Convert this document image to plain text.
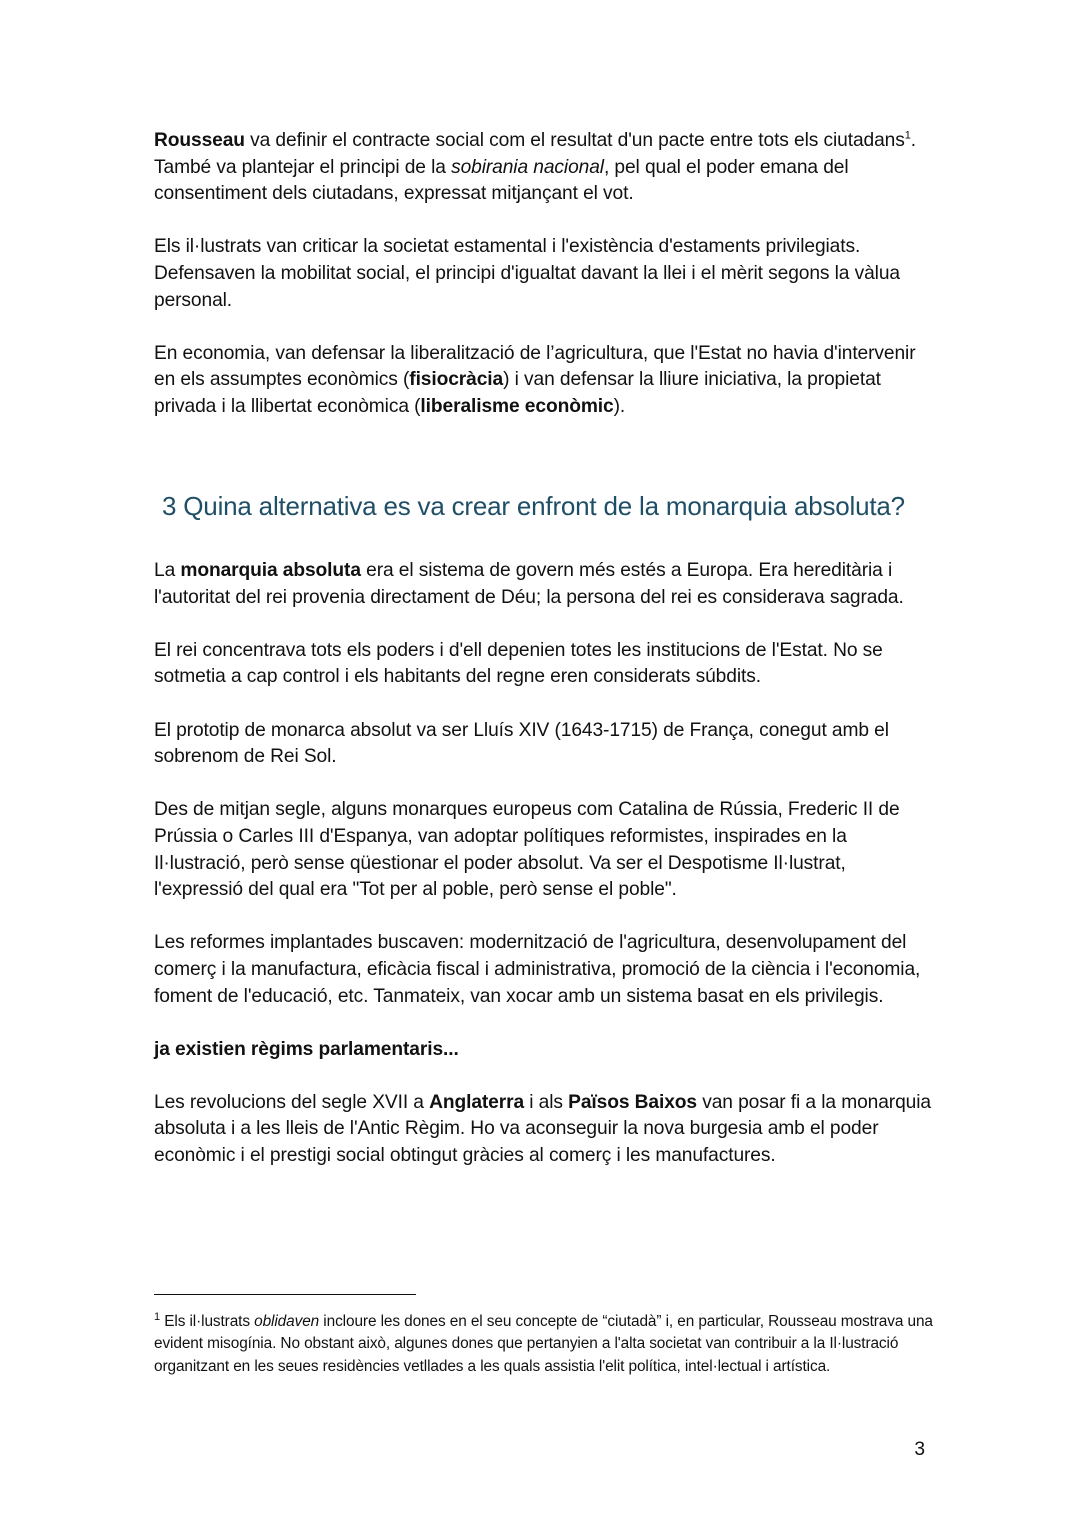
Rousseau va definir el contracte social com el resultat d'un pacte entre tots els ciutadans$^1$. També va plantejar el principi de la sobirania nacional, pel qual el poder emana del consentiment dels ciutadans, expressat mitjançant el vot.

Els il·lustrats van criticar la societat estamental i l'existència d'estaments privilegiats. Defensaven la mobilitat social, el principi d'igualtat davant la llei i el mèrit segons la vàlua personal.

En economia, van defensar la liberalització de l’agricultura, que l'Estat no havia d'intervenir en els assumptes econòmics (fisiocràcia) i van defensar la lliure iniciativa, la propietat privada i la llibertat econòmica (liberalisme econòmic).

3 Quina alternativa es va crear enfront de la monarquia absoluta?

La monarquia absoluta era el sistema de govern més estés a Europa. Era hereditària i l'autoritat del rei provenia directament de Déu; la persona del rei es considerava sagrada.

El rei concentrava tots els poders i d'ell depenien totes les institucions de l'Estat. No se sotmetia a cap control i els habitants del regne eren considerats súbdits.

El prototip de monarca absolut va ser Lluís XIV (1643-1715) de França, conegut amb el sobrenom de Rei Sol.

Des de mitjan segle, alguns monarques europeus com Catalina de Rússia, Frederic II de Prússia o Carles III d'Espanya, van adoptar polítiques reformistes, inspirades en la Il·lustració, però sense qüestionar el poder absolut. Va ser el Despotisme Il·lustrat, l'expressió del qual era "Tot per al poble, però sense el poble".

Les reformes implantades buscaven: modernització de l'agricultura, desenvolupament del comerç i la manufactura, eficàcia fiscal i administrativa, promoció de la ciència i l'economia, foment de l'educació, etc. Tanmateix, van xocar amb un sistema basat en els privilegis.

ja existien règims parlamentaris...

Les revolucions del segle XVII a Anglaterra i als Països Baixos van posar fi a la monarquia absoluta i a les lleis de l'Antic Règim. Ho va aconseguir la nova burgesia amb el poder econòmic i el prestigi social obtingut gràcies al comerç i les manufactures.

$^1$ Els il·lustrats oblidaven incloure les dones en el seu concepte de “ciutadà” i, en particular, Rousseau mostrava una evident misogínia. No obstant això, algunes dones que pertanyien a l'alta societat van contribuir a la Il·lustració organitzant en les seues residències vetllades a les quals assistia l'elit política, intel·lectual i artística.

3
